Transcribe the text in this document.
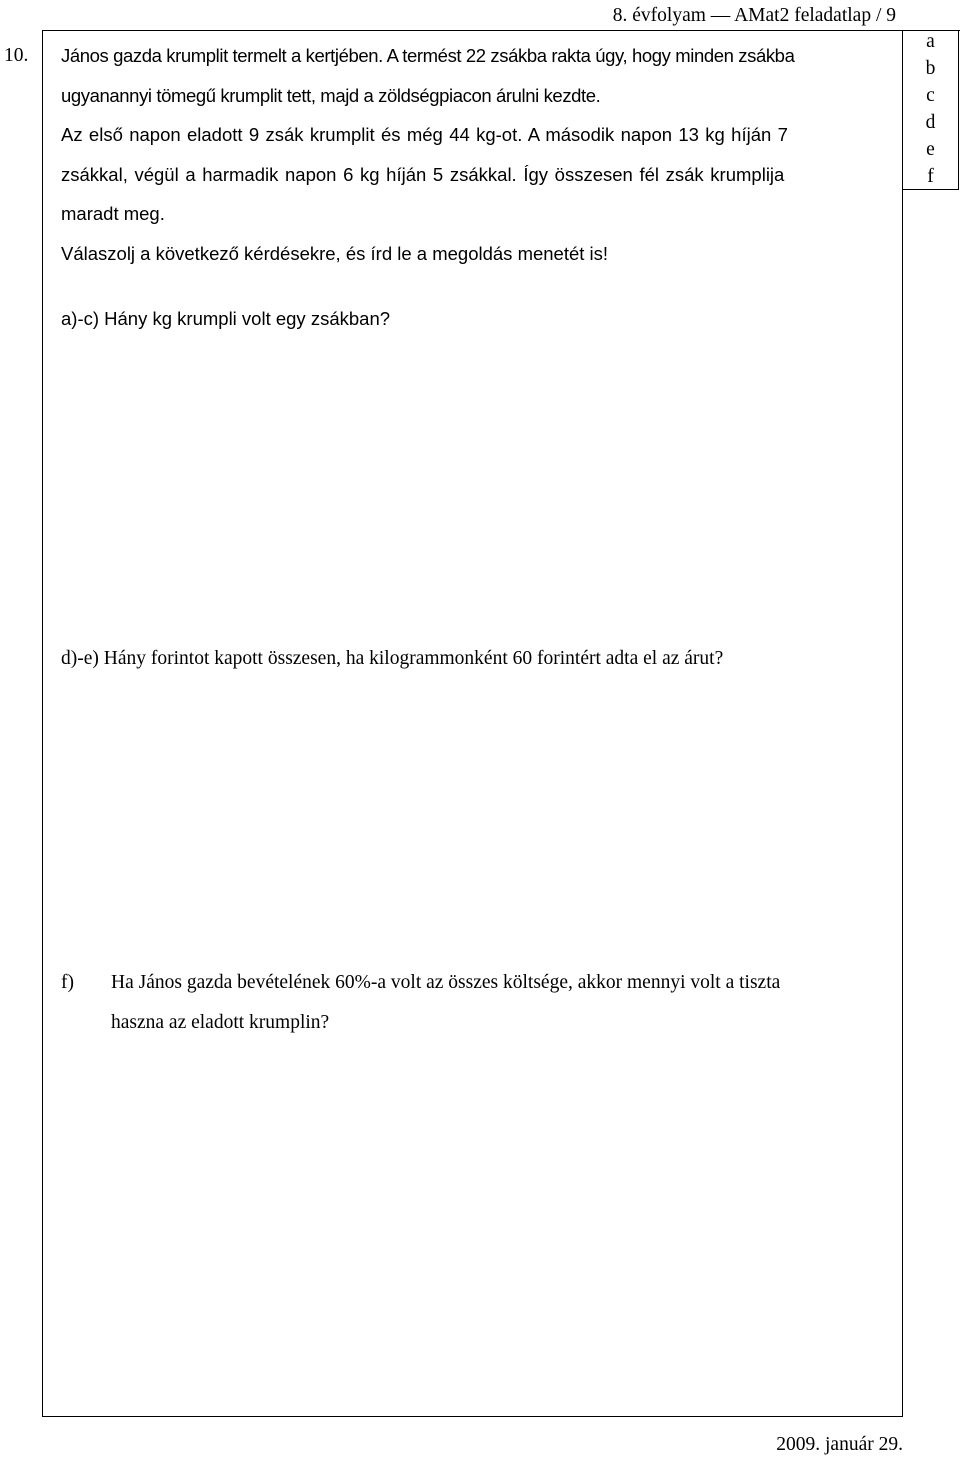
8. évfolyam — AMat2 feladatlap / 9
a
b
c
d
e
f
10. János gazda krumplit termelt a kertjében. A termést 22 zsákba rakta úgy, hogy minden zsákba
ugyanannyi tömegű krumplit tett, majd a zöldségpiacon árulni kezdte.
Az első napon eladott 9 zsák krumplit és még 44 kg-ot. A második napon 13 kg híján 7
zsákkal, végül a harmadik napon 6 kg híján 5 zsákkal. Így összesen fél zsák krumplija
maradt meg.
Válaszolj a következő kérdésekre, és írd le a megoldás menetét is!
a)-c) Hány kg krumpli volt egy zsákban?
d)-e) Hány forintot kapott összesen, ha kilogrammonként 60 forintért adta el az árut?
f) Ha János gazda bevételének 60%-a volt az összes költsége, akkor mennyi volt a tiszta
haszna az eladott krumplin?
2009. január 29.
